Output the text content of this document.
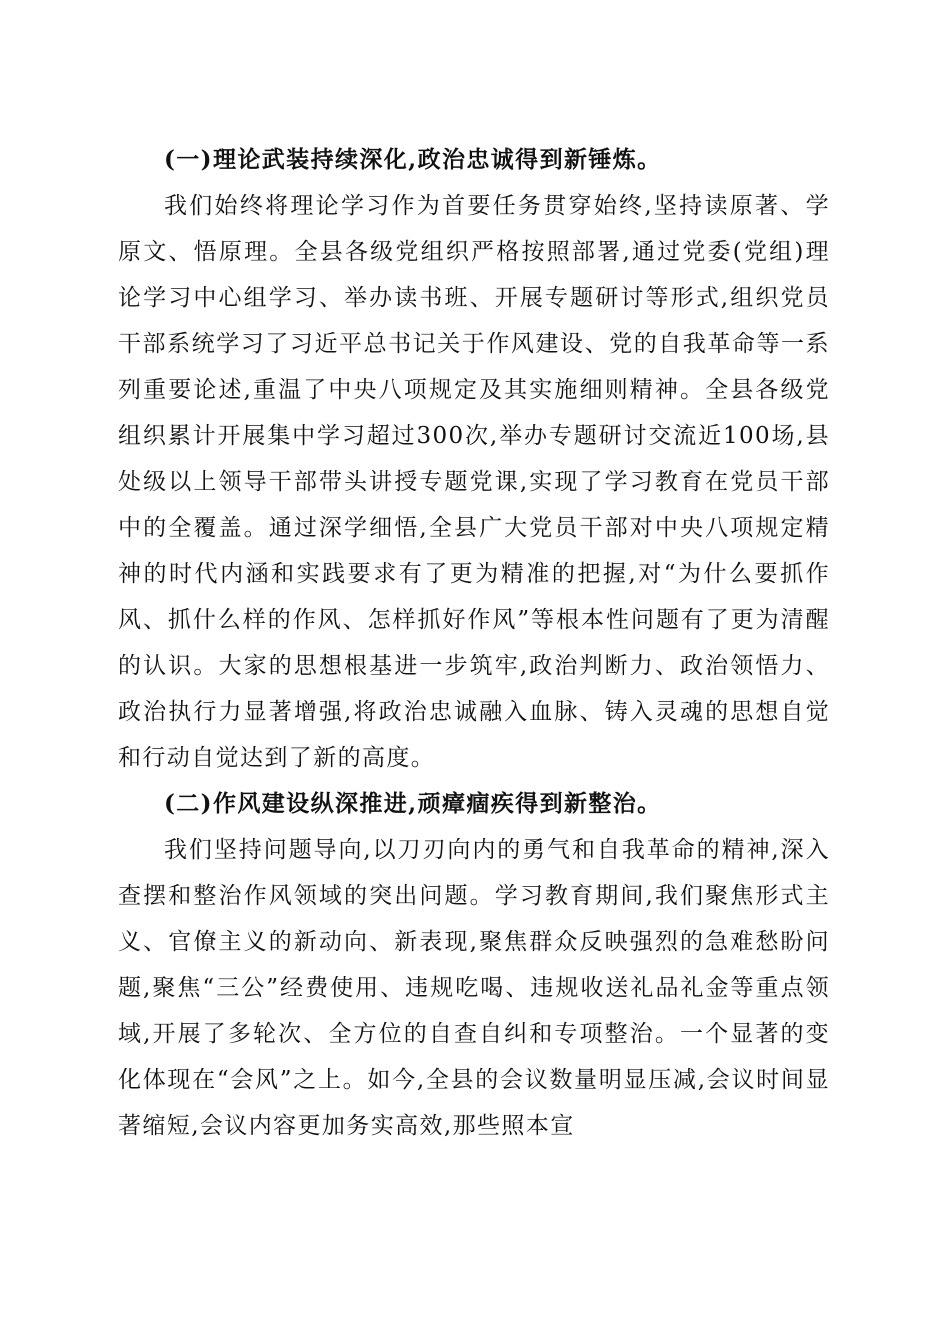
(一)理论武装持续深化,政治忠诚得到新锤炼。

我们始终将理论学习作为首要任务贯穿始终,坚持读原著、学原文、悟原理。全县各级党组织严格按照部署,通过党委(党组)理论学习中心组学习、举办读书班、开展专题研讨等形式,组织党员干部系统学习了习近平总书记关于作风建设、党的自我革命等一系列重要论述,重温了中央八项规定及其实施细则精神。全县各级党组织累计开展集中学习超过300次,举办专题研讨交流近100场,县处级以上领导干部带头讲授专题党课,实现了学习教育在党员干部中的全覆盖。通过深学细悟,全县广大党员干部对中央八项规定精神的时代内涵和实践要求有了更为精准的把握,对“为什么要抓作风、抓什么样的作风、怎样抓好作风”等根本性问题有了更为清醒的认识。大家的思想根基进一步筑牢,政治判断力、政治领悟力、政治执行力显著增强,将政治忠诚融入血脉、铸入灵魂的思想自觉和行动自觉达到了新的高度。

(二)作风建设纵深推进,顽瘴痼疾得到新整治。

我们坚持问题导向,以刀刃向内的勇气和自我革命的精神,深入查摆和整治作风领域的突出问题。学习教育期间,我们聚焦形式主义、官僚主义的新动向、新表现,聚焦群众反映强烈的急难愁盼问题,聚焦“三公”经费使用、违规吃喝、违规收送礼品礼金等重点领域,开展了多轮次、全方位的自查自纠和专项整治。一个显著的变化体现在“会风”之上。如今,全县的会议数量明显压减,会议时间显著缩短,会议内容更加务实高效,那些照本宣
